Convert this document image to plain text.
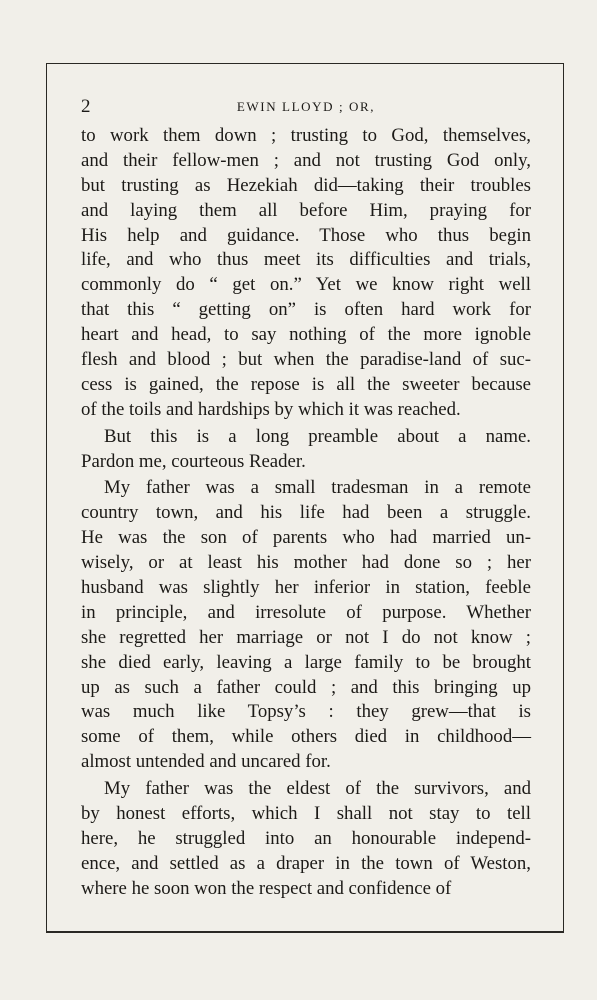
2	EWIN LLOYD ; OR,
to work them down ; trusting to God, themselves,
and their fellow-men ; and not trusting God only,
but trusting as Hezekiah did—taking their troubles
and laying them all before Him, praying for
His help and guidance. Those who thus begin
life, and who thus meet its difficulties and trials,
commonly do “ get on.” Yet we know right well
that this “ getting on” is often hard work for
heart and head, to say nothing of the more ignoble
flesh and blood ; but when the paradise-land of suc-
cess is gained, the repose is all the sweeter because
of the toils and hardships by which it was reached.
But this is a long preamble about a name.
Pardon me, courteous Reader.
My father was a small tradesman in a remote
country town, and his life had been a struggle.
He was the son of parents who had married un-
wisely, or at least his mother had done so ; her
husband was slightly her inferior in station, feeble
in principle, and irresolute of purpose. Whether
she regretted her marriage or not I do not know ;
she died early, leaving a large family to be brought
up as such a father could ; and this bringing up
was much like Topsy’s : they grew—that is
some of them, while others died in childhood—
almost untended and uncared for.
My father was the eldest of the survivors, and
by honest efforts, which I shall not stay to tell
here, he struggled into an honourable independ-
ence, and settled as a draper in the town of Weston,
where he soon won the respect and confidence of
